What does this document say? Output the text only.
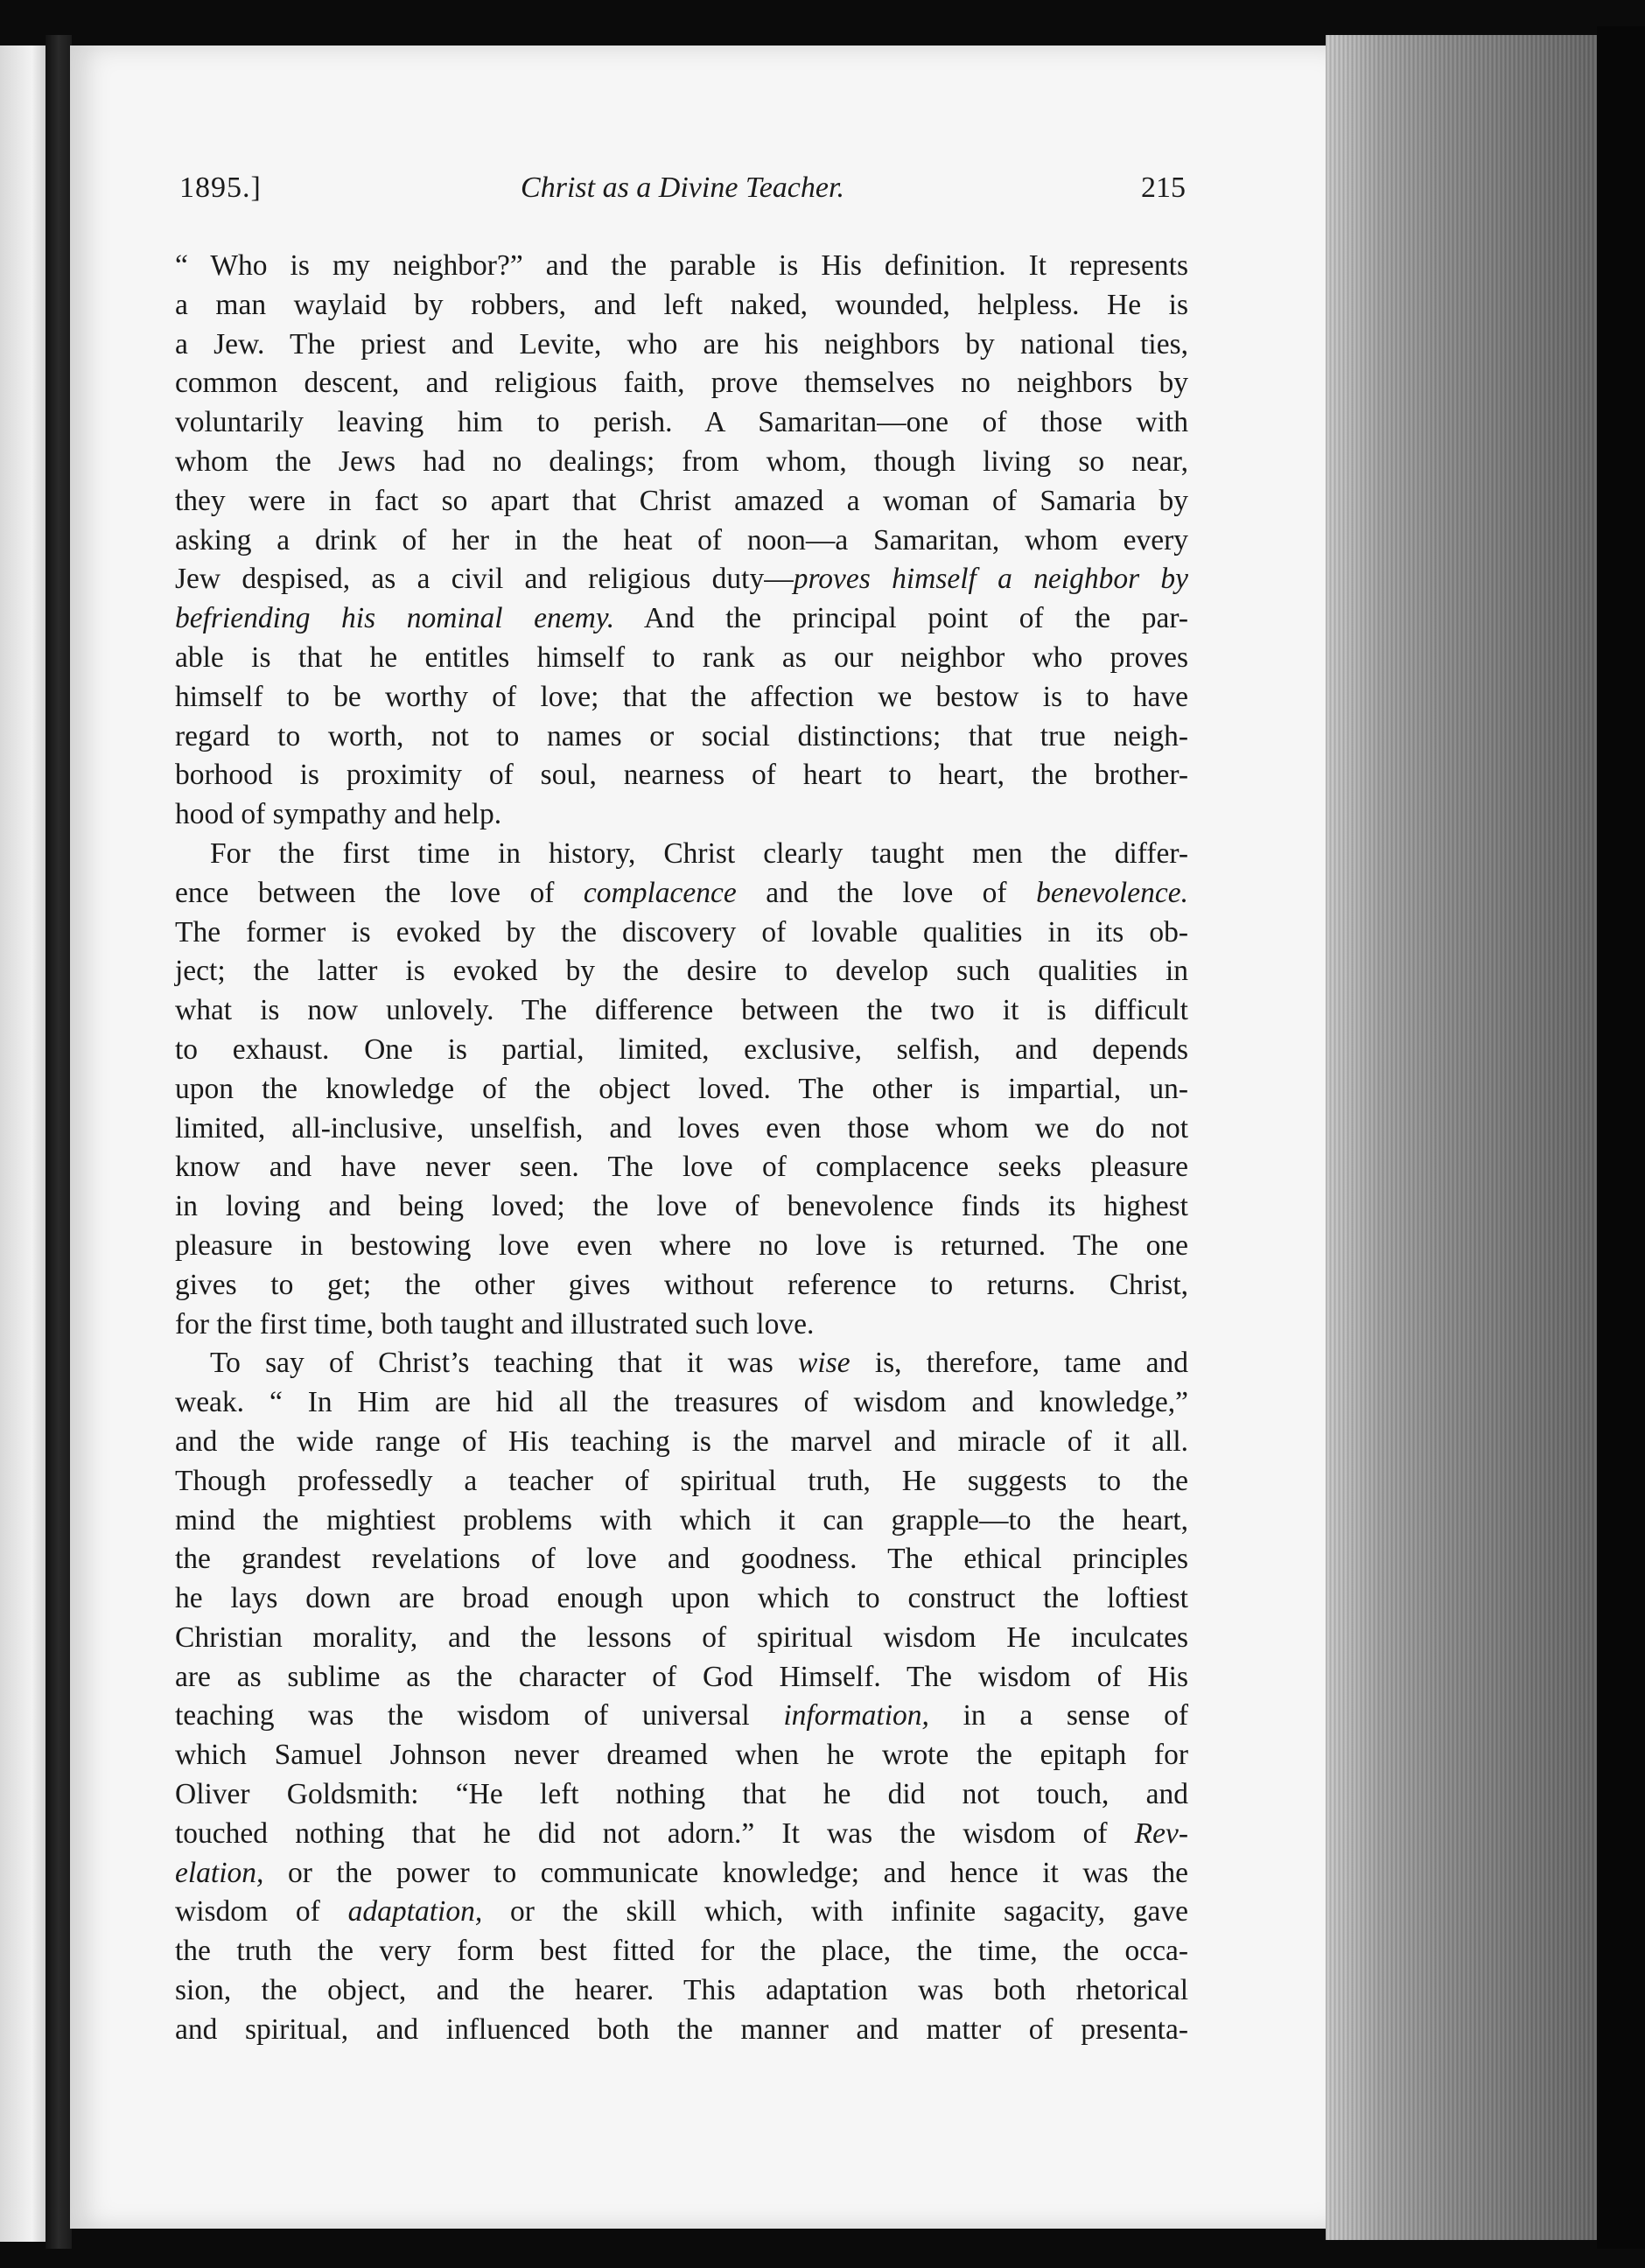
1895.]	Christ as a Divine Teacher.	215

“ Who is my neighbor?” and the parable is His definition. It represents
a man waylaid by robbers, and left naked, wounded, helpless. He is
a Jew. The priest and Levite, who are his neighbors by national ties,
common descent, and religious faith, prove themselves no neighbors by
voluntarily leaving him to perish. A Samaritan—one of those with
whom the Jews had no dealings; from whom, though living so near,
they were in fact so apart that Christ amazed a woman of Samaria by
asking a drink of her in the heat of noon—a Samaritan, whom every
Jew despised, as a civil and religious duty—proves himself a neighbor by
befriending his nominal enemy. And the principal point of the par-
able is that he entitles himself to rank as our neighbor who proves
himself to be worthy of love; that the affection we bestow is to have
regard to worth, not to names or social distinctions; that true neigh-
borhood is proximity of soul, nearness of heart to heart, the brother-
hood of sympathy and help.

For the first time in history, Christ clearly taught men the differ-
ence between the love of complacence and the love of benevolence.
The former is evoked by the discovery of lovable qualities in its ob-
ject; the latter is evoked by the desire to develop such qualities in
what is now unlovely. The difference between the two it is difficult
to exhaust. One is partial, limited, exclusive, selfish, and depends
upon the knowledge of the object loved. The other is impartial, un-
limited, all-inclusive, unselfish, and loves even those whom we do not
know and have never seen. The love of complacence seeks pleasure
in loving and being loved; the love of benevolence finds its highest
pleasure in bestowing love even where no love is returned. The one
gives to get; the other gives without reference to returns. Christ,
for the first time, both taught and illustrated such love.

To say of Christ’s teaching that it was wise is, therefore, tame and
weak. “ In Him are hid all the treasures of wisdom and knowledge,”
and the wide range of His teaching is the marvel and miracle of it all.
Though professedly a teacher of spiritual truth, He suggests to the
mind the mightiest problems with which it can grapple—to the heart,
the grandest revelations of love and goodness. The ethical principles
he lays down are broad enough upon which to construct the loftiest
Christian morality, and the lessons of spiritual wisdom He inculcates
are as sublime as the character of God Himself. The wisdom of His
teaching was the wisdom of universal information, in a sense of
which Samuel Johnson never dreamed when he wrote the epitaph for
Oliver Goldsmith: “He left nothing that he did not touch, and
touched nothing that he did not adorn.” It was the wisdom of Rev-
elation, or the power to communicate knowledge; and hence it was the
wisdom of adaptation, or the skill which, with infinite sagacity, gave
the truth the very form best fitted for the place, the time, the occa-
sion, the object, and the hearer. This adaptation was both rhetorical
and spiritual, and influenced both the manner and matter of presenta-
